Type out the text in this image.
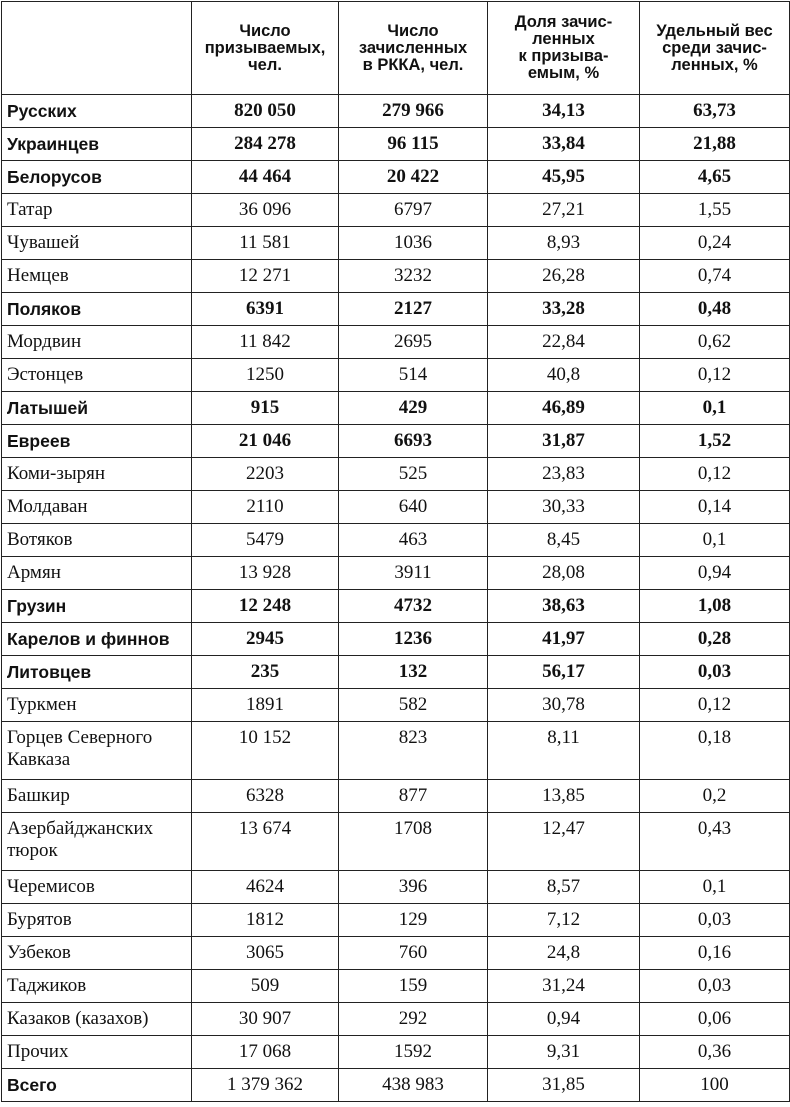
	Число
призываемых,
чел.	Число
зачисленных
в РККА, чел.	Доля зачис-
ленных
к призыва-
емым, %	Удельный вес
среди зачис-
ленных, %

Русских	820 050	279 966	34,13	63,73
Украинцев	284 278	96 115	33,84	21,88
Белорусов	44 464	20 422	45,95	4,65
Татар	36 096	6797	27,21	1,55
Чувашей	11 581	1036	8,93	0,24
Немцев	12 271	3232	26,28	0,74
Поляков	6391	2127	33,28	0,48
Мордвин	11 842	2695	22,84	0,62
Эстонцев	1250	514	40,8	0,12
Латышей	915	429	46,89	0,1
Евреев	21 046	6693	31,87	1,52
Коми-зырян	2203	525	23,83	0,12
Молдаван	2110	640	30,33	0,14
Вотяков	5479	463	8,45	0,1
Армян	13 928	3911	28,08	0,94
Грузин	12 248	4732	38,63	1,08
Карелов и финнов	2945	1236	41,97	0,28
Литовцев	235	132	56,17	0,03
Туркмен	1891	582	30,78	0,12
Горцев Северного Кавказа	10 152	823	8,11	0,18
Башкир	6328	877	13,85	0,2
Азербайджанских тюрок	13 674	1708	12,47	0,43
Черемисов	4624	396	8,57	0,1
Бурятов	1812	129	7,12	0,03
Узбеков	3065	760	24,8	0,16
Таджиков	509	159	31,24	0,03
Казаков (казахов)	30 907	292	0,94	0,06
Прочих	17 068	1592	9,31	0,36
Всего	1 379 362	438 983	31,85	100
